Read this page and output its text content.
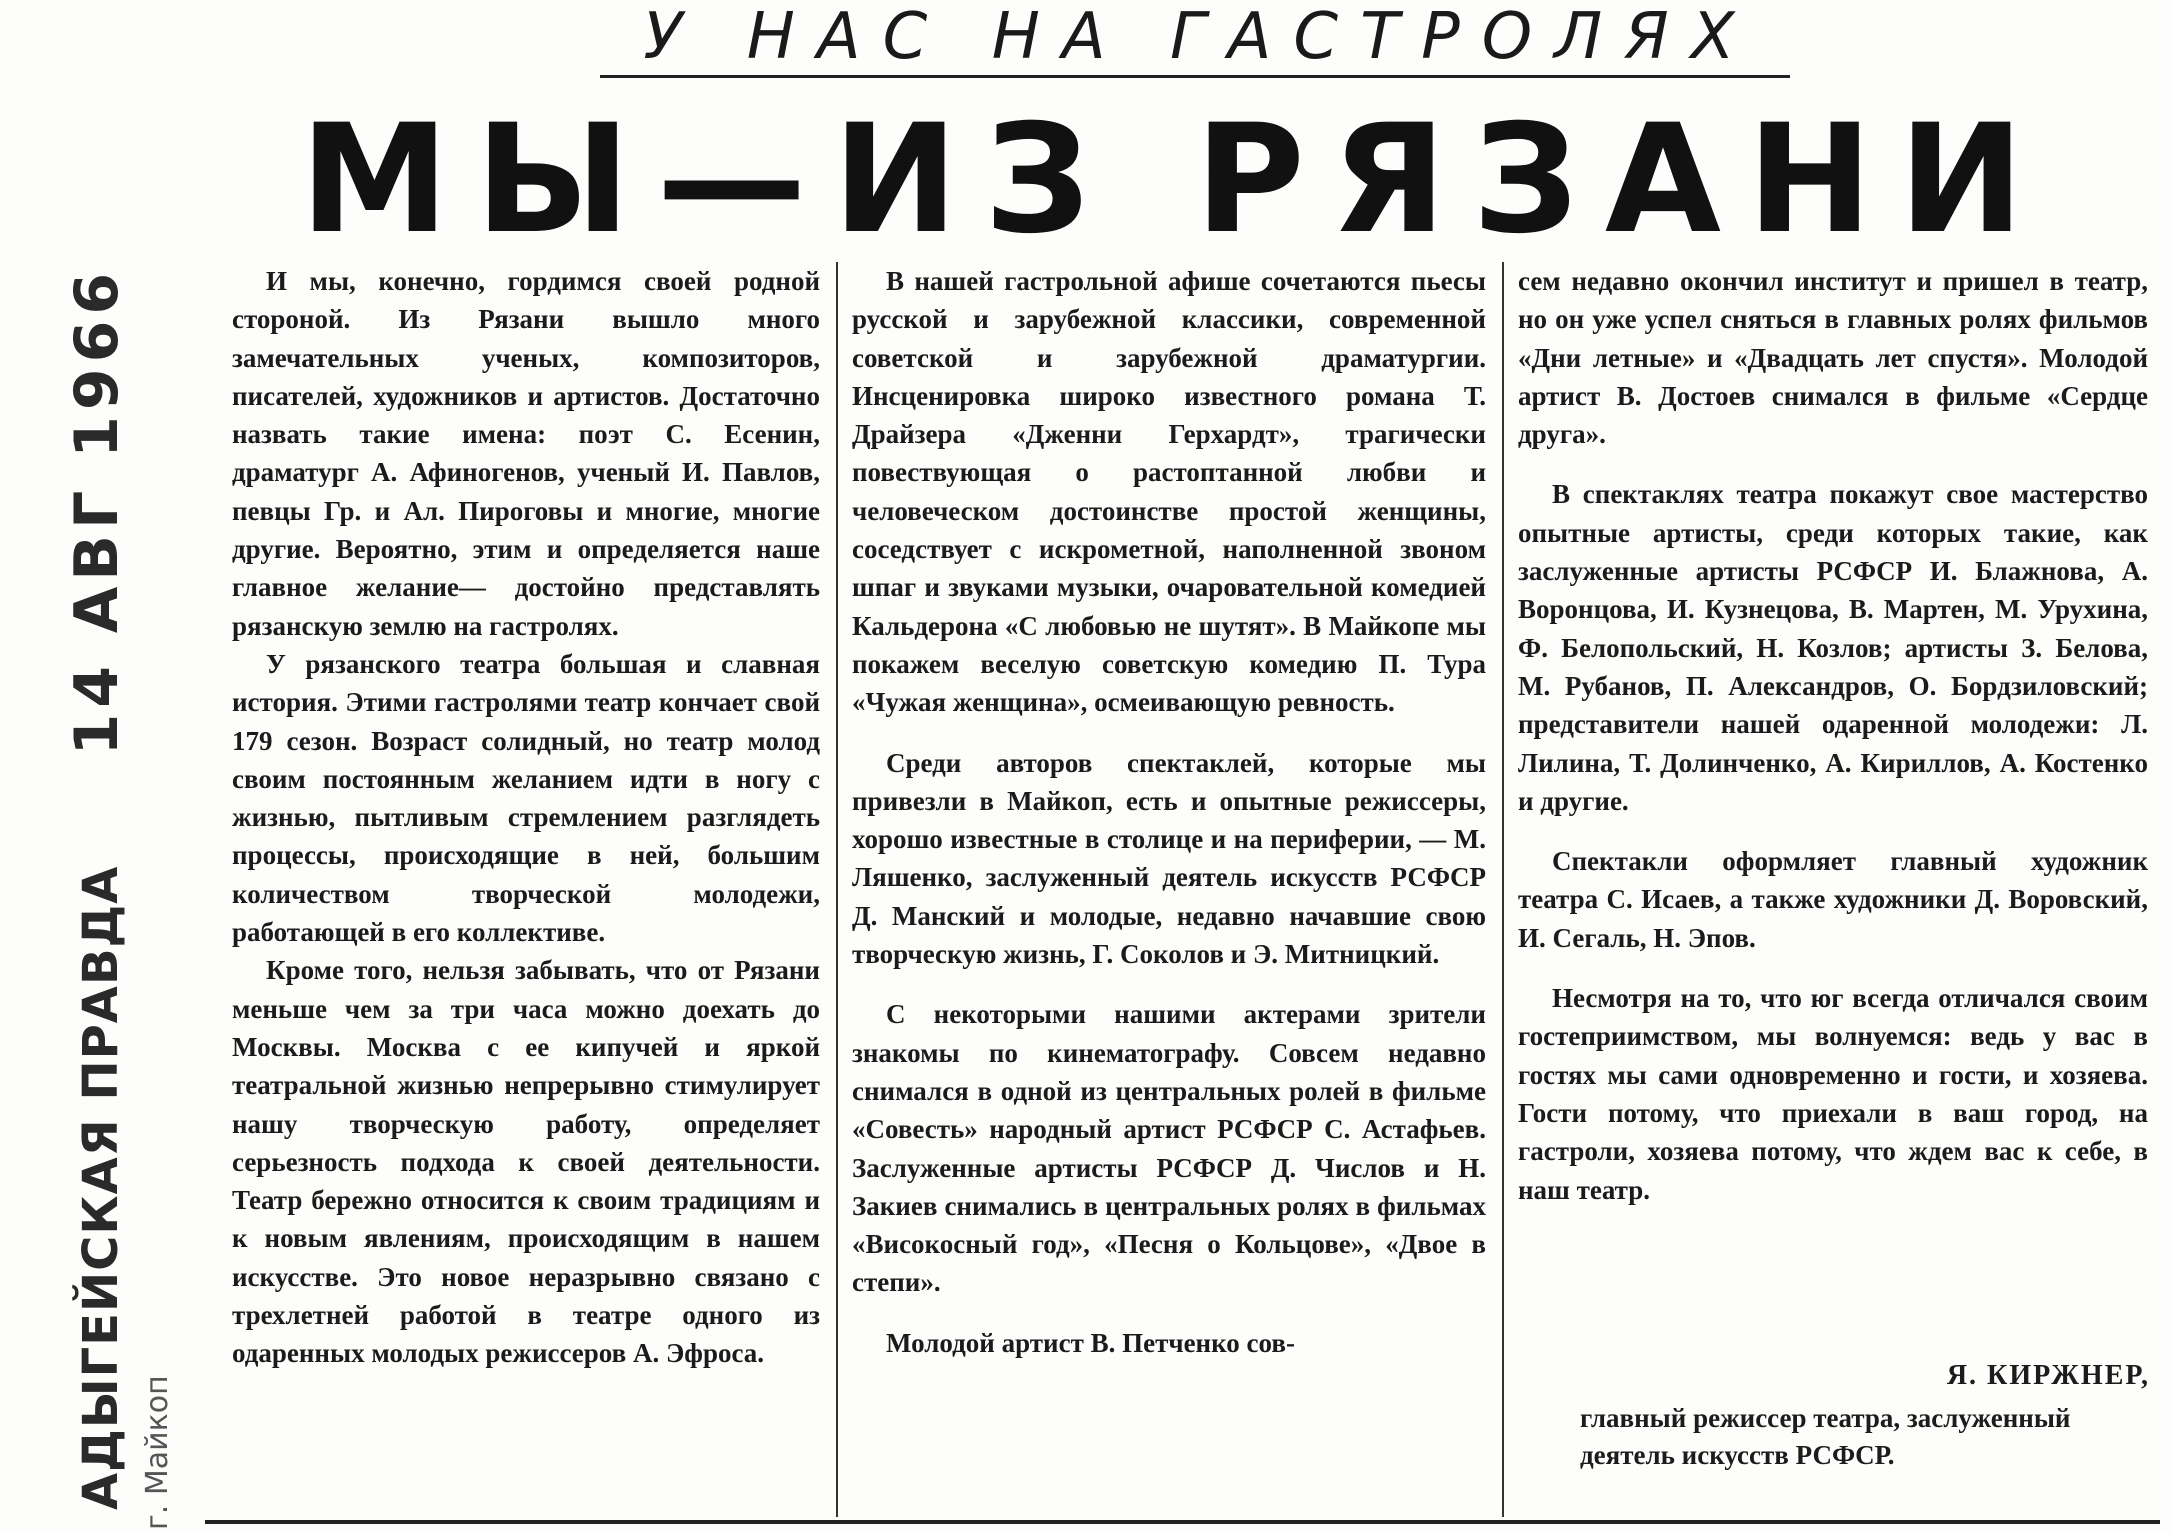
У НАС НА ГАСТРОЛЯХ
МЫ—ИЗ РЯЗАНИ
АДЫГЕЙСКАЯ ПРАВДА14 АВГ 1966
г. Майкоп

И мы, конечно, гордимся своей родной стороной. Из Рязани вышло много замечательных ученых, композиторов, писателей, художников и артистов. Достаточно назвать такие имена: поэт С. Есенин, драматург А. Афиногенов, ученый И. Павлов, певцы Гр. и Ал. Пироговы и многие, многие другие. Вероятно, этим и определяется наше главное желание— достойно представлять рязанскую землю на гастролях.

У рязанского театра большая и славная история. Этими гастролями театр кончает свой 179 сезон. Возраст солидный, но театр молод своим постоянным желанием идти в ногу с жизнью, пытливым стремлением разглядеть процессы, происходящие в ней, большим количеством творческой молодежи, работающей в его коллективе.

Кроме того, нельзя забывать, что от Рязани меньше чем за три часа можно доехать до Москвы. Москва с ее кипучей и яркой театральной жизнью непрерывно стимулирует нашу творческую работу, определяет серьезность подхода к своей деятельности. Театр бережно относится к своим традициям и к новым явлениям, происходящим в нашем искусстве. Это новое неразрывно связано с трехлетней работой в театре одного из одаренных молодых режиссеров А. Эфроса.

В нашей гастрольной афише сочетаются пьесы русской и зарубежной классики, современной советской и зарубежной драматургии. Инсценировка широко известного романа Т. Драйзера «Дженни Герхардт», трагически повествующая о растоптанной любви и человеческом достоинстве простой женщины, соседствует с искрометной, наполненной звоном шпаг и звуками музыки, очаровательной комедией Кальдерона «С любовью не шутят». В Майкопе мы покажем веселую советскую комедию П. Тура «Чужая женщина», осмеивающую ревность.

Среди авторов спектаклей, которые мы привезли в Майкоп, есть и опытные режиссеры, хорошо известные в столице и на периферии, — М. Ляшенко, заслуженный деятель искусств РСФСР Д. Манский и молодые, недавно начавшие свою творческую жизнь, Г. Соколов и Э. Митницкий.

С некоторыми нашими актерами зрители знакомы по кинематографу. Совсем недавно снимался в одной из центральных ролей в фильме «Совесть» народный артист РСФСР С. Астафьев. Заслуженные артисты РСФСР Д. Числов и Н. Закиев снимались в центральных ролях в фильмах «Високосный год», «Песня о Кольцове», «Двое в степи».

Молодой артист В. Петченко сов-

сем недавно окончил институт и пришел в театр, но он уже успел сняться в главных ролях фильмов «Дни летные» и «Двадцать лет спустя». Молодой артист В. Достоев снимался в фильме «Сердце друга».

В спектаклях театра покажут свое мастерство опытные артисты, среди которых такие, как заслуженные артисты РСФСР И. Блажнова, А. Воронцова, И. Кузнецова, В. Мартен, М. Урухина, Ф. Белопольский, Н. Козлов; артисты З. Белова, М. Рубанов, П. Александров, О. Бордзиловский; представители нашей одаренной молодежи: Л. Лилина, Т. Долинченко, А. Кириллов, А. Костенко и другие.

Спектакли оформляет главный художник театра С. Исаев, а также художники Д. Воровский, И. Сегаль, Н. Эпов.

Несмотря на то, что юг всегда отличался своим гостеприимством, мы волнуемся: ведь у вас в гостях мы сами одновременно и гости, и хозяева. Гости потому, что приехали в ваш город, на гастроли, хозяева потому, что ждем вас к себе, в наш театр.

Я. КИРЖНЕР,
главный режиссер театра, заслуженный деятель искусств РСФСР.
